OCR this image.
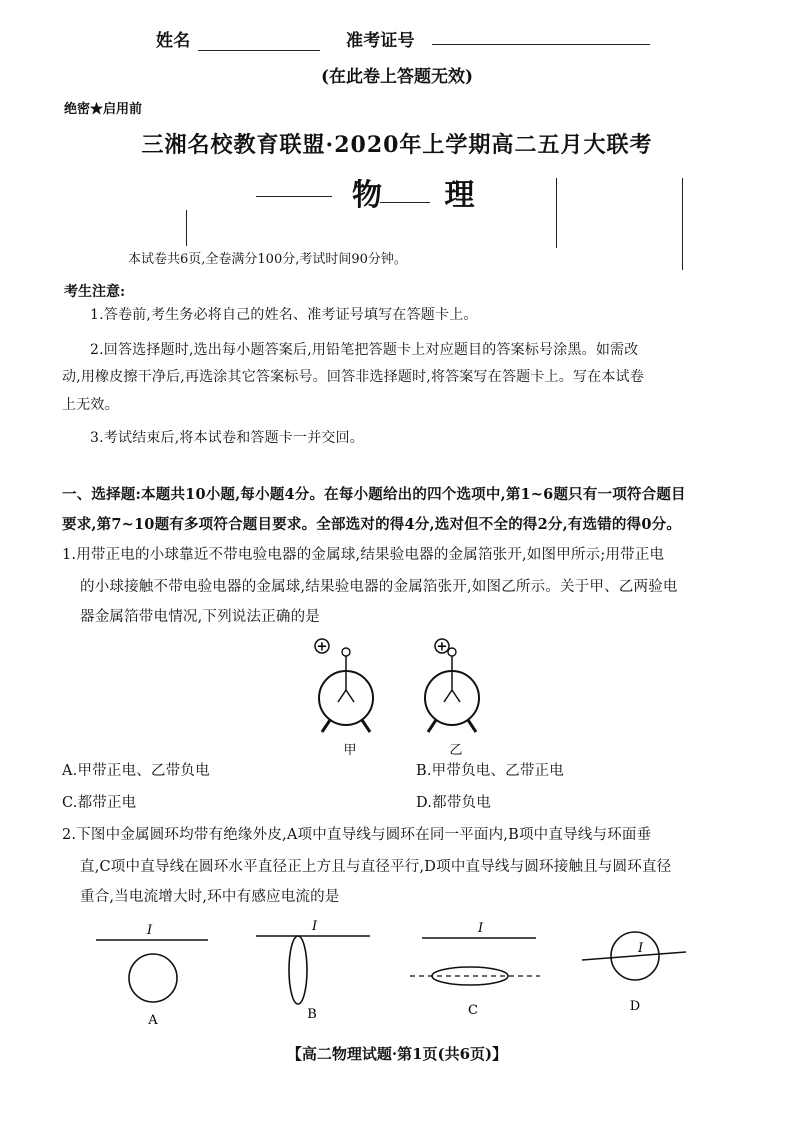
姓名	准考证号
(在此卷上答题无效)
绝密★启用前
三湘名校教育联盟·2020年上学期高二五月大联考
物 理
本试卷共6页,全卷满分100分,考试时间90分钟。
考生注意:
1.答卷前,考生务必将自己的姓名、准考证号填写在答题卡上。
2.回答选择题时,选出每小题答案后,用铅笔把答题卡上对应题目的答案标号涂黑。如需改
动,用橡皮擦干净后,再选涂其它答案标号。回答非选择题时,将答案写在答题卡上。写在本试卷
上无效。
3.考试结束后,将本试卷和答题卡一并交回。
一、选择题:本题共10小题,每小题4分。在每小题给出的四个选项中,第1~6题只有一项符合题目
要求,第7~10题有多项符合题目要求。全部选对的得4分,选对但不全的得2分,有选错的得0分。
1.用带正电的小球靠近不带电验电器的金属球,结果验电器的金属箔张开,如图甲所示;用带正电
的小球接触不带电验电器的金属球,结果验电器的金属箔张开,如图乙所示。关于甲、乙两验电
器金属箔带电情况,下列说法正确的是
+	+
甲	乙
A.甲带正电、乙带负电	B.甲带负电、乙带正电
C.都带正电	D.都带负电
2.下图中金属圆环均带有绝缘外皮,A项中直导线与圆环在同一平面内,B项中直导线与环面垂
直,C项中直导线在圆环水平直径正上方且与直径平行,D项中直导线与圆环接触且与圆环直径
重合,当电流增大时,环中有感应电流的是
I
A
I
B
I
C
I
D
【高二物理试题·第1页(共6页)】
